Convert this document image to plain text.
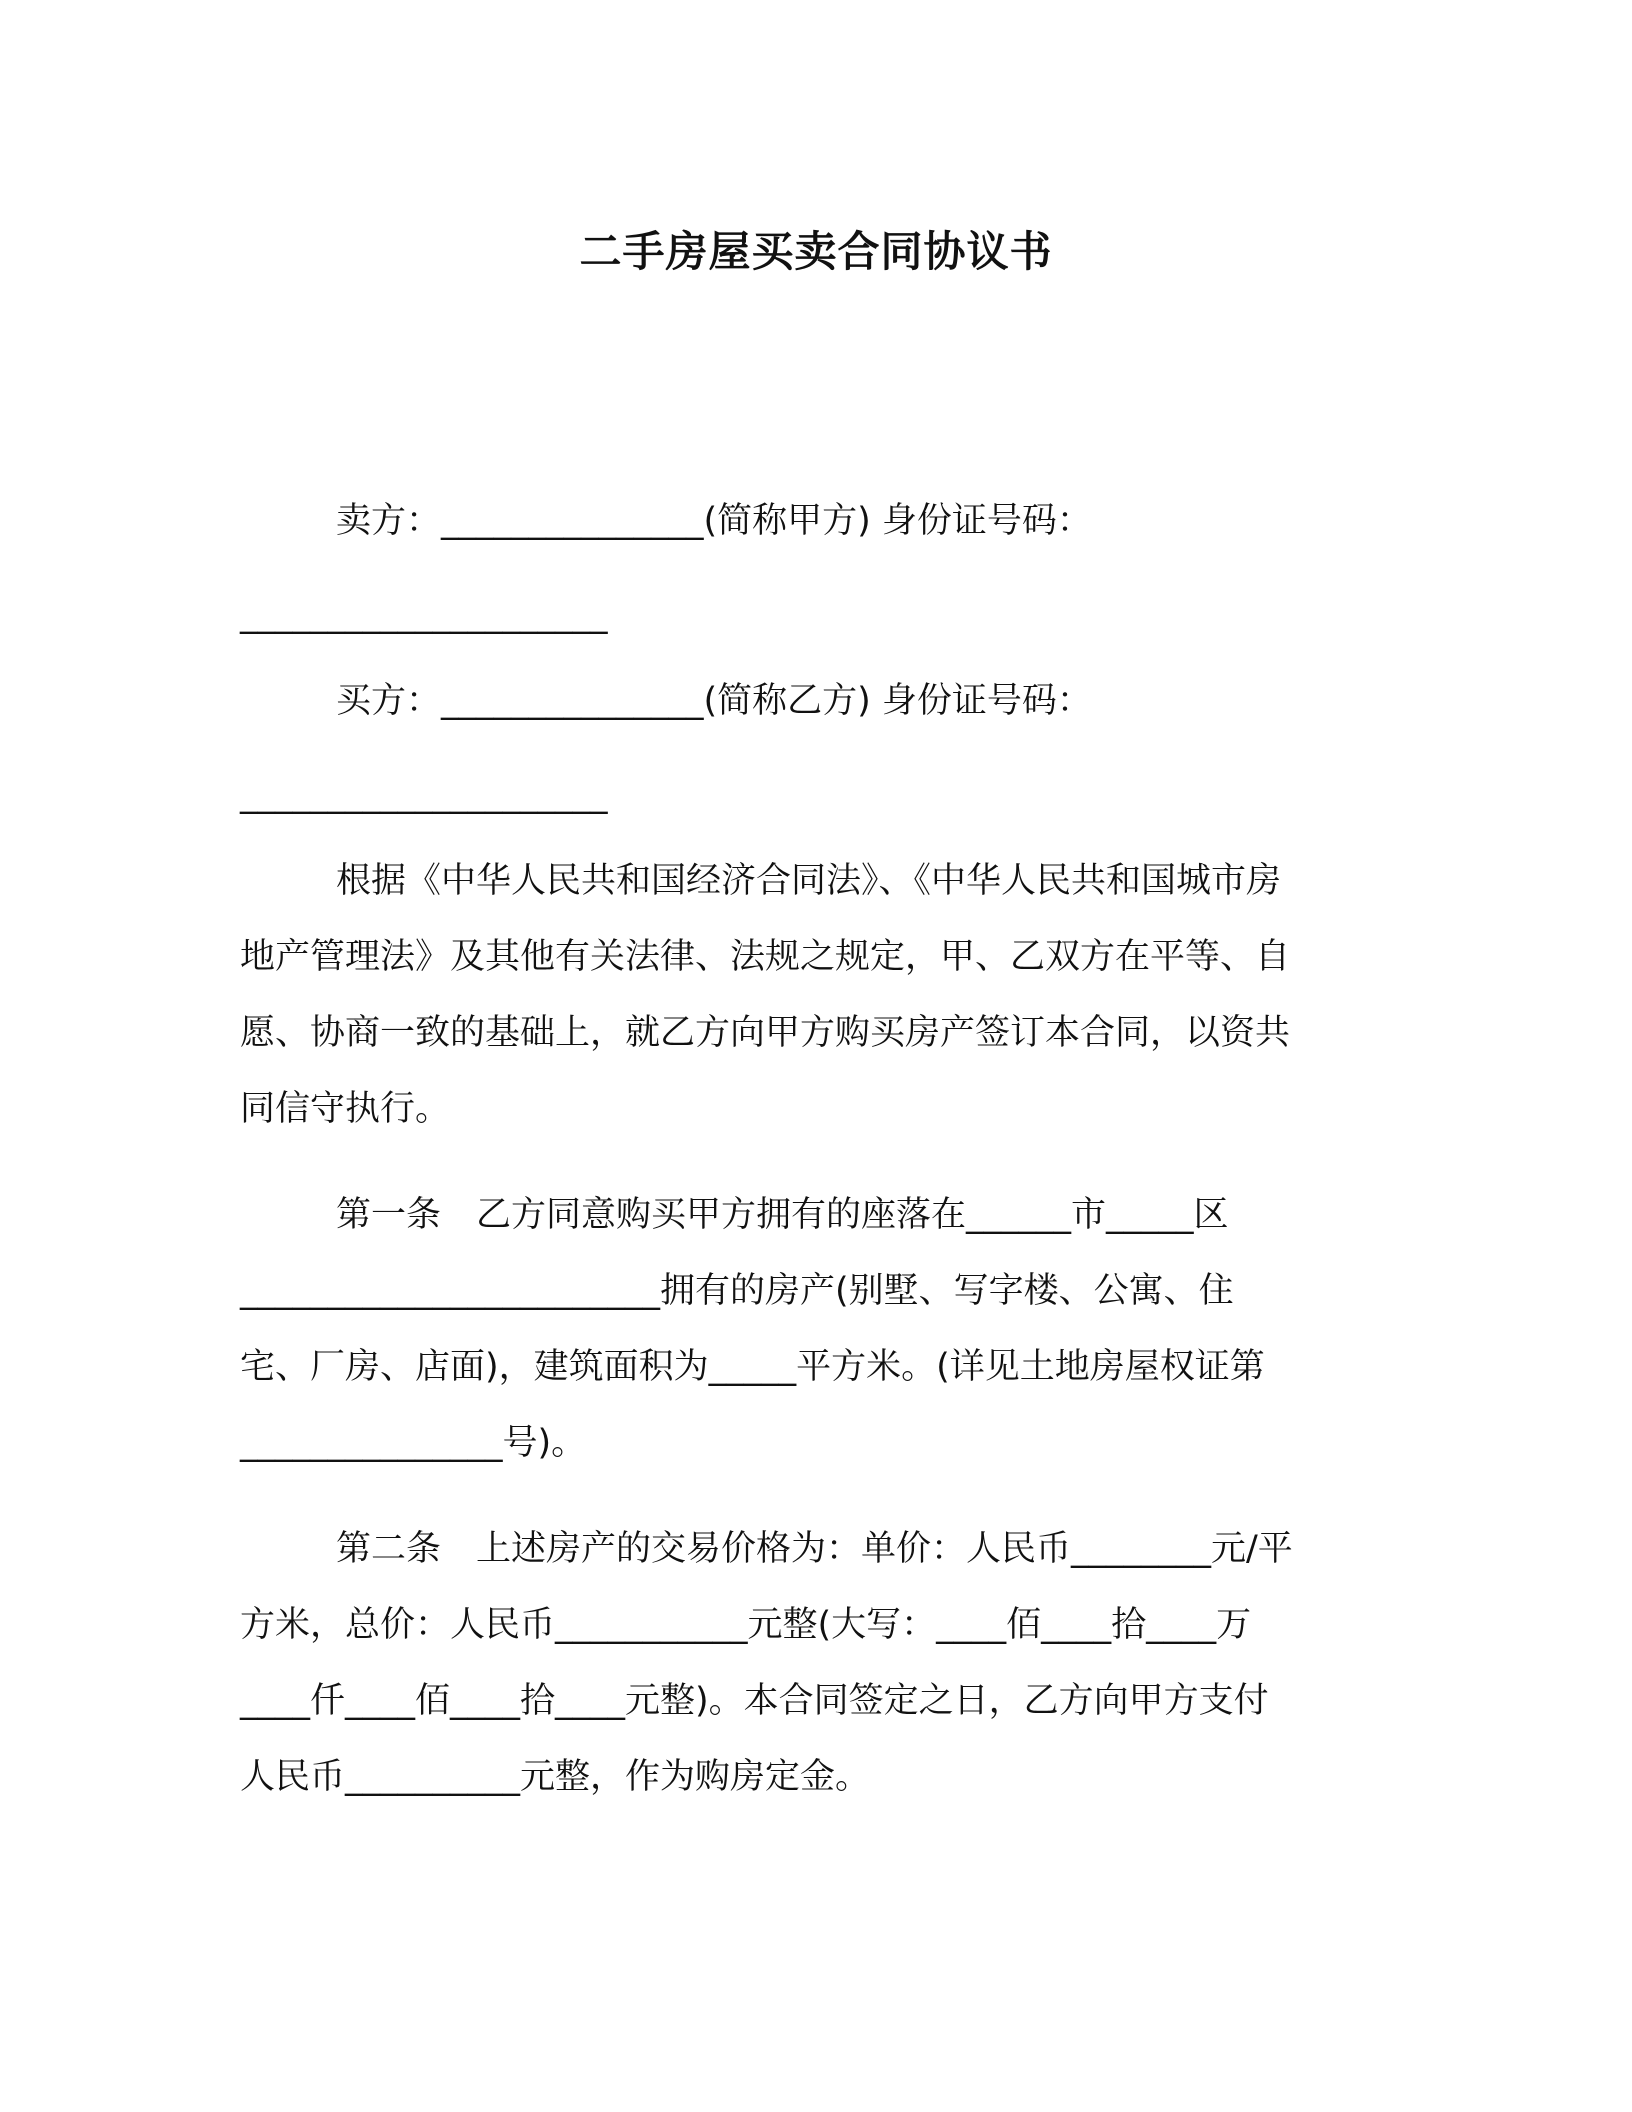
二手房屋买卖合同协议书
卖方：_______________(简称甲方) 身份证号码：
_____________________
买方：_______________(简称乙方) 身份证号码：
_____________________
根据《中华人民共和国经济合同法》、《中华人民共和国城市房
地产管理法》及其他有关法律、法规之规定，甲、乙双方在平等、自
愿、协商一致的基础上，就乙方向甲方购买房产签订本合同，以资共
同信守执行。
第一条　乙方同意购买甲方拥有的座落在______市_____区
________________________拥有的房产(别墅、写字楼、公寓、住
宅、厂房、店面)，建筑面积为_____平方米。(详见土地房屋权证第
_______________号)。
第二条　上述房产的交易价格为：单价：人民币________元/平
方米，总价：人民币___________元整(大写：____佰____拾____万
____仟____佰____拾____元整)。本合同签定之日，乙方向甲方支付
人民币__________元整，作为购房定金。
